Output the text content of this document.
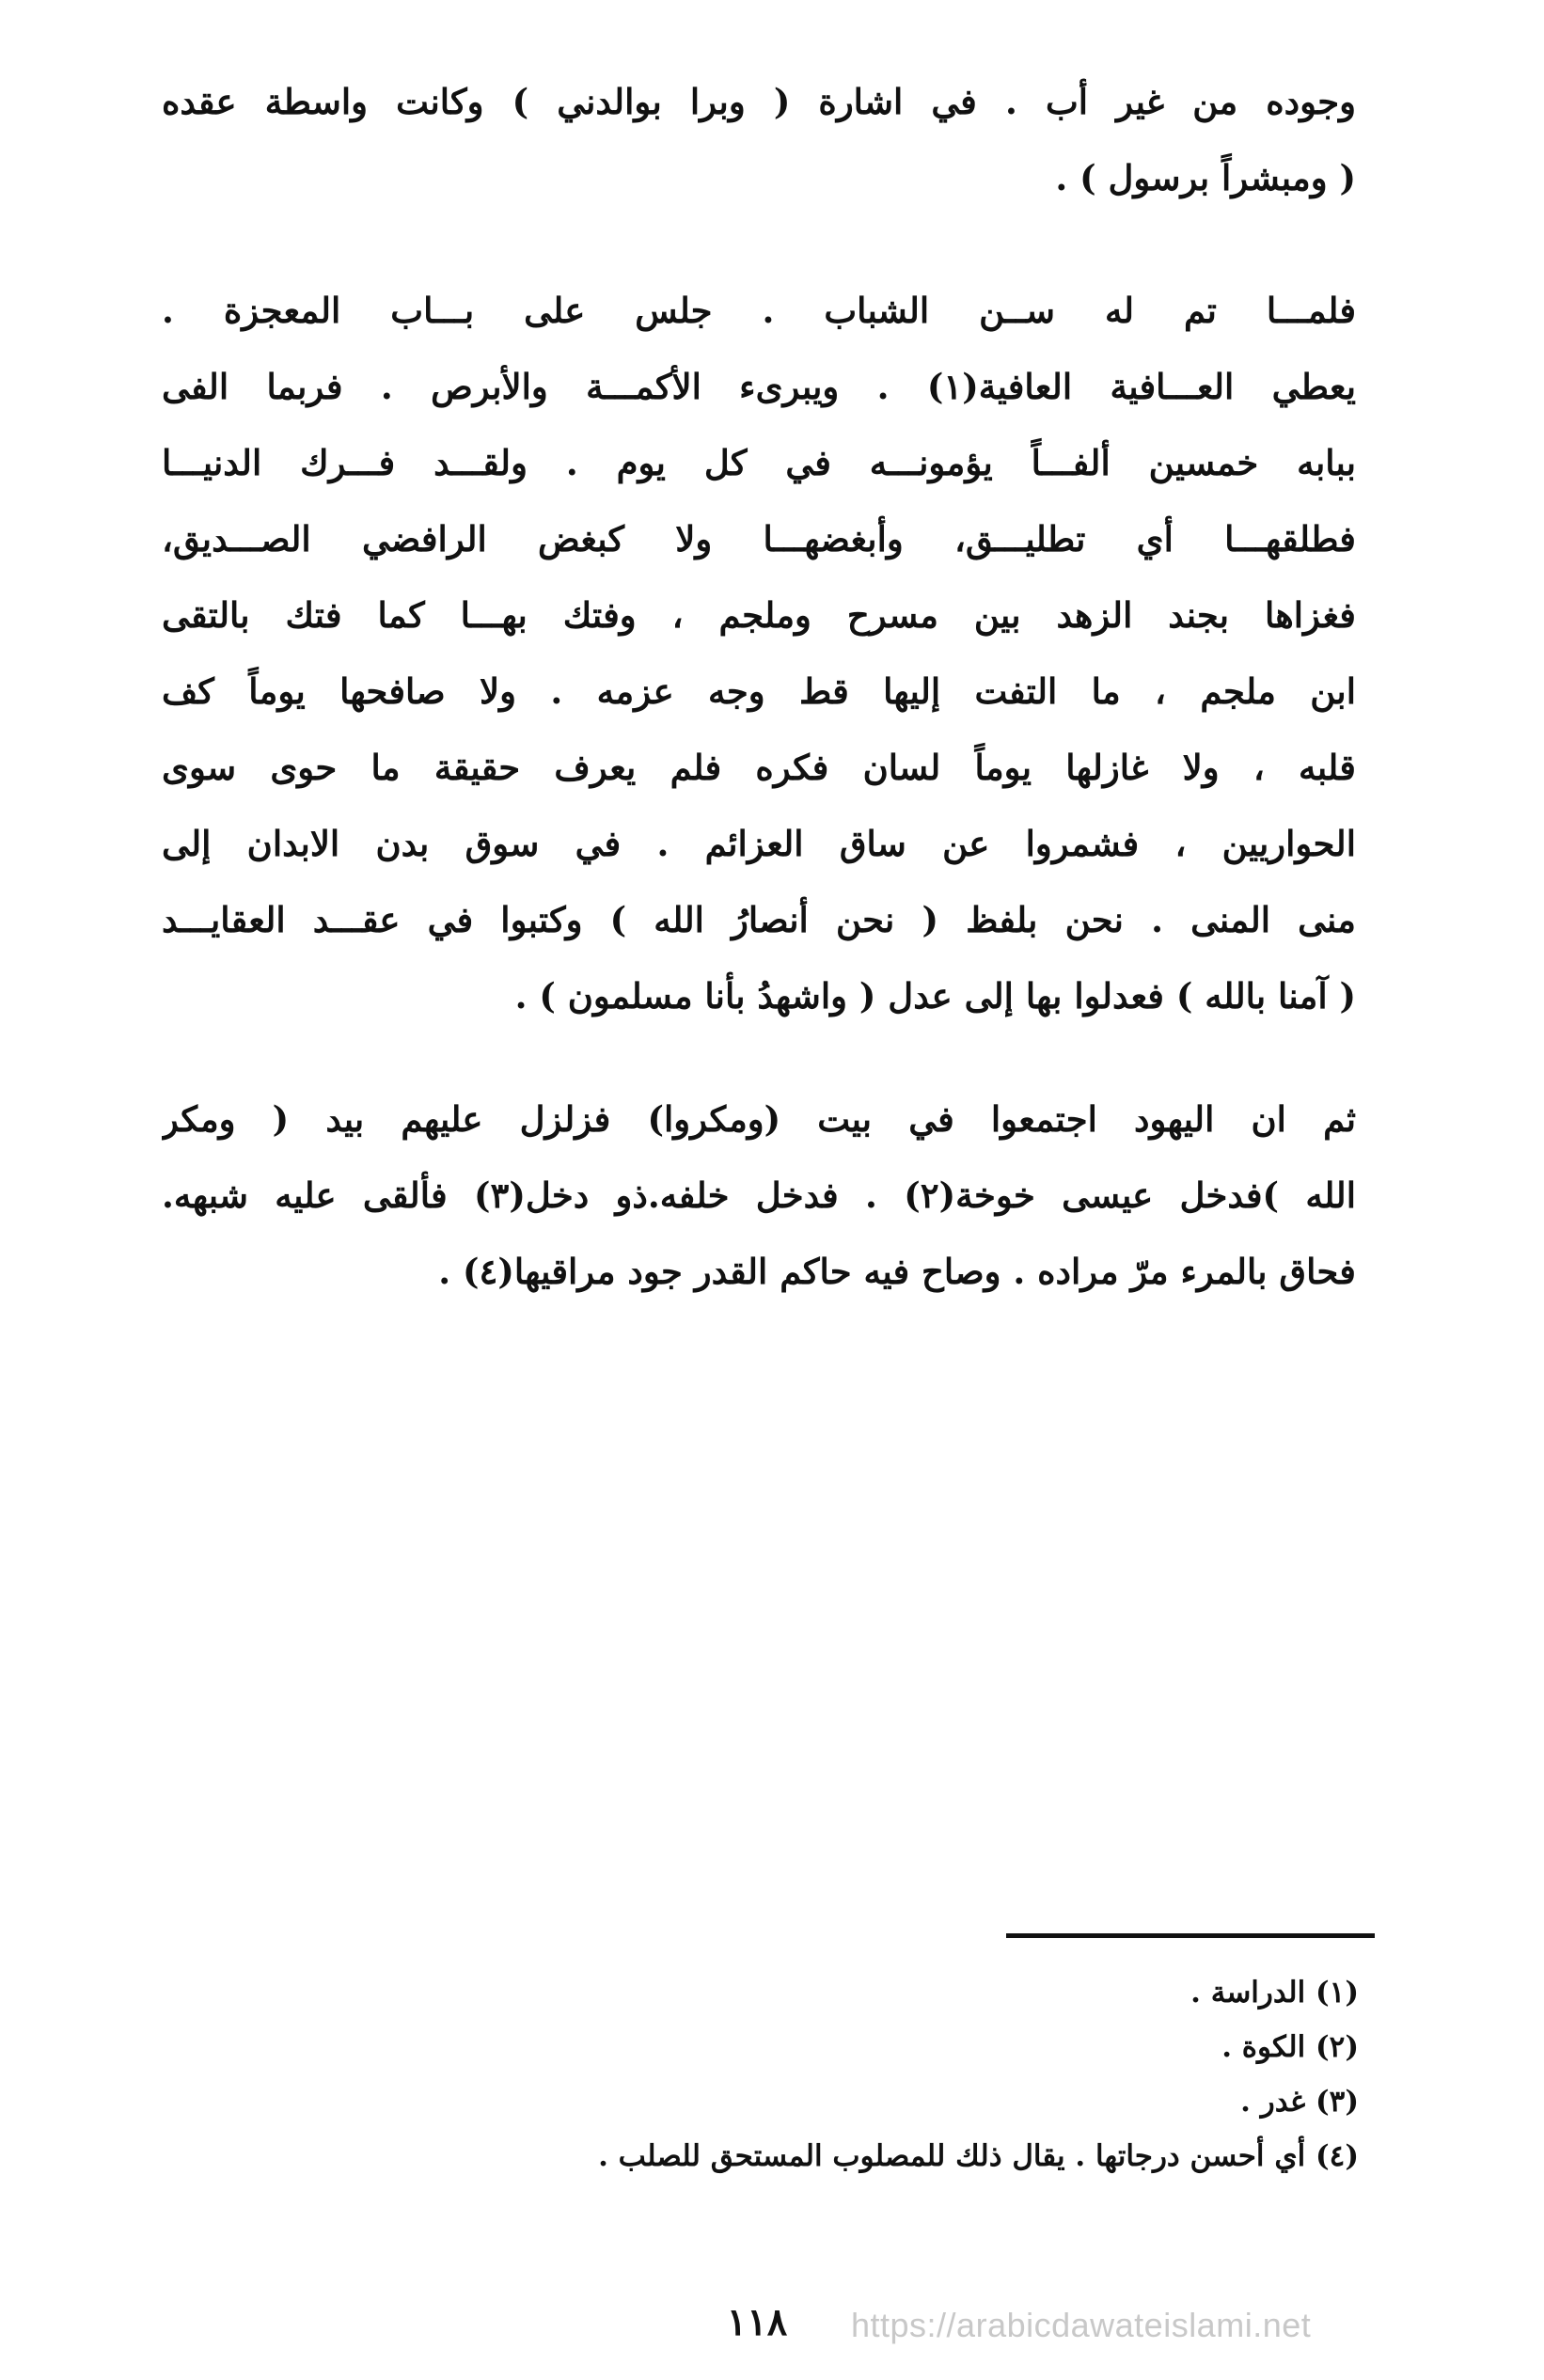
وجوده من غير أب . في اشارة ( وبرا بوالدني ) وكانت واسطة عقده
( ومبشراً برسول ) .
فلمـــا تم له ســن الشباب . جلس على بـــاب المعجزة .
يعطي العـــافية العافية(١) . ويبرىء الأكمـــة والأبرص . فربما الفى
ببابه خمسين ألفـــاً يؤمونـــه في كل يوم . ولقـــد فـــرك الدنيـــا
فطلقهـــا أي تطليـــق، وأبغضهـــا ولا كبغض الرافضي الصـــديق،
فغزاها بجند الزهد بين مسرح وملجم ، وفتك بهـــا كما فتك بالتقى
ابن ملجم ، ما التفت إليها قط وجه عزمه . ولا صافحها يوماً كف
قلبه ، ولا غازلها يوماً لسان فكره فلم يعرف حقيقة ما حوى سوى
الحواريين ، فشمروا عن ساق العزائم . في سوق بدن الابدان إلى
منى المنى . نحن بلفظ ( نحن أنصارُ الله ) وكتبوا في عقـــد العقايـــد
( آمنا بالله ) فعدلوا بها إلى عدل ( واشهدُ بأنا مسلمون ) .
ثم ان اليهود اجتمعوا في بيت (ومكروا) فزلزل عليهم بيد ( ومكر
الله )فدخل عيسى خوخة(٢) . فدخل خلفه.ذو دخل(٣) فألقى عليه شبهه.
فحاق بالمرء مرّ مراده . وصاح فيه حاكم القدر جود مراقيها(٤) .
(١) الدراسة .
(٢) الكوة .
(٣) غدر .
(٤) أي أحسن درجاتها . يقال ذلك للمصلوب المستحق للصلب .
١١٨	https://arabicdawateislami.net
